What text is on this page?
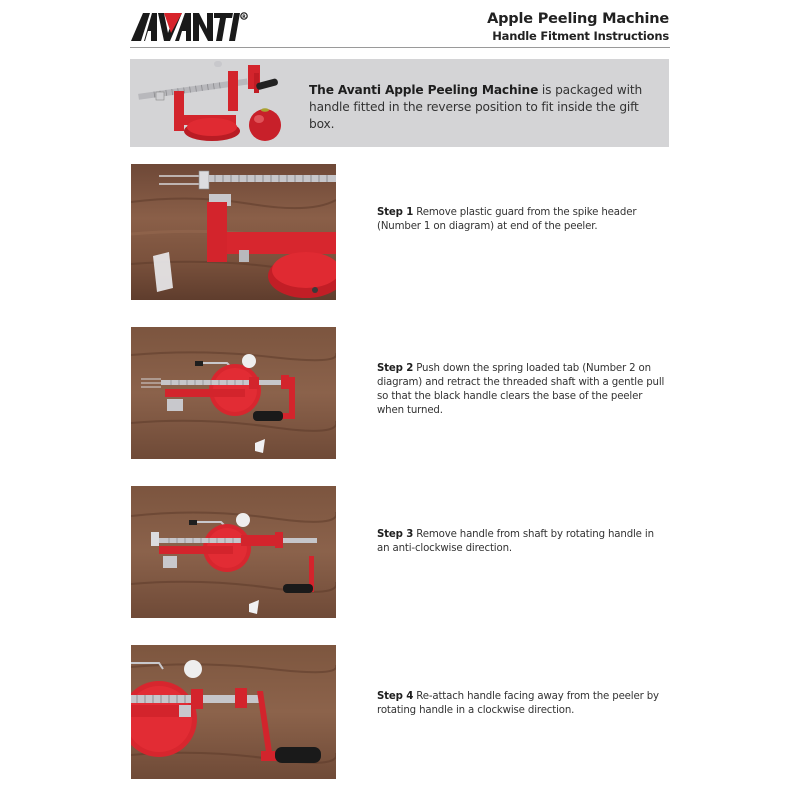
R	Apple Peeling Machine
Handle Fitment Instructions
The Avanti Apple Peeling Machine is packaged with handle fitted in the reverse position to fit inside the gift box.
Step 1 Remove plastic guard from the spike header (Number 1 on diagram) at end of the peeler.
Step 2 Push down the spring loaded tab (Number 2 on diagram) and retract the threaded shaft with a gentle pull so that the black handle clears the base of the peeler when turned.
Step 3 Remove handle from shaft by rotating handle in an anti-clockwise direction.
Step 4 Re-attach handle facing away from the peeler by rotating handle in a clockwise direction.
